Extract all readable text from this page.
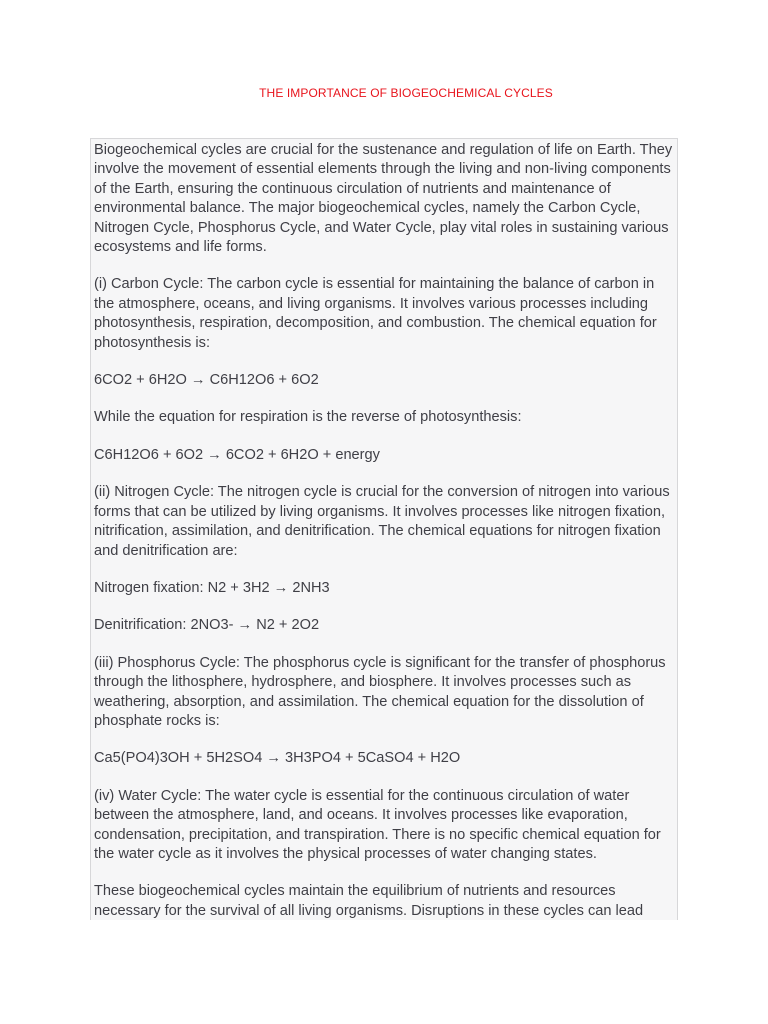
THE IMPORTANCE OF BIOGEOCHEMICAL CYCLES

Biogeochemical cycles are crucial for the sustenance and regulation of life on Earth. They involve the movement of essential elements through the living and non-living components of the Earth, ensuring the continuous circulation of nutrients and maintenance of environmental balance. The major biogeochemical cycles, namely the Carbon Cycle, Nitrogen Cycle, Phosphorus Cycle, and Water Cycle, play vital roles in sustaining various ecosystems and life forms.

(i) Carbon Cycle: The carbon cycle is essential for maintaining the balance of carbon in the atmosphere, oceans, and living organisms. It involves various processes including photosynthesis, respiration, decomposition, and combustion. The chemical equation for photosynthesis is:

6CO2 + 6H2O → C6H12O6 + 6O2

While the equation for respiration is the reverse of photosynthesis:

C6H12O6 + 6O2 → 6CO2 + 6H2O + energy

(ii) Nitrogen Cycle: The nitrogen cycle is crucial for the conversion of nitrogen into various forms that can be utilized by living organisms. It involves processes like nitrogen fixation, nitrification, assimilation, and denitrification. The chemical equations for nitrogen fixation and denitrification are:

Nitrogen fixation: N2 + 3H2 → 2NH3

Denitrification: 2NO3- → N2 + 2O2

(iii) Phosphorus Cycle: The phosphorus cycle is significant for the transfer of phosphorus through the lithosphere, hydrosphere, and biosphere. It involves processes such as weathering, absorption, and assimilation. The chemical equation for the dissolution of phosphate rocks is:

Ca5(PO4)3OH + 5H2SO4 → 3H3PO4 + 5CaSO4 + H2O

(iv) Water Cycle: The water cycle is essential for the continuous circulation of water between the atmosphere, land, and oceans. It involves processes like evaporation, condensation, precipitation, and transpiration. There is no specific chemical equation for the water cycle as it involves the physical processes of water changing states.

These biogeochemical cycles maintain the equilibrium of nutrients and resources necessary for the survival of all living organisms. Disruptions in these cycles can lead
